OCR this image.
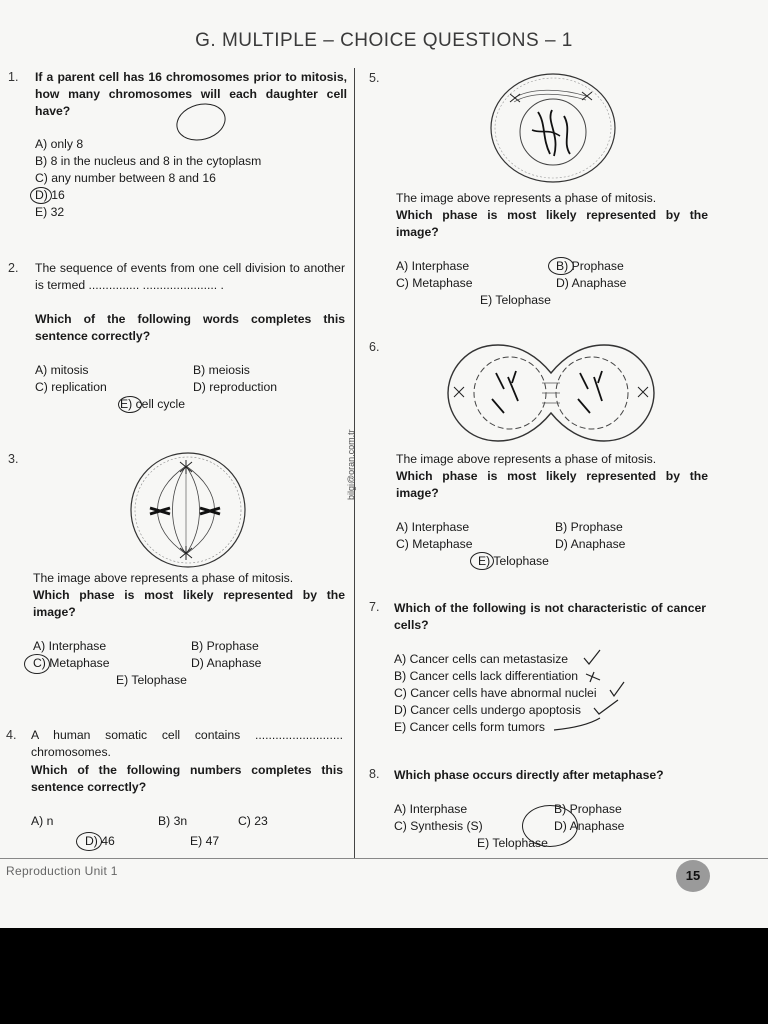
G. MULTIPLE – CHOICE QUESTIONS – 1
1. If a parent cell has 16 chromosomes prior to mitosis, how many chromosomes will each daughter cell have?
A) only 8
B) 8 in the nucleus and 8 in the cytoplasm
C) any number between 8 and 16
D) 16
E) 32
2. The sequence of events from one cell division to another is termed ............... ...................... .
Which of the following words completes this sentence correctly?
A) mitosis	B) meiosis
C) replication	D) reproduction
E) cell cycle
3.
The image above represents a phase of mitosis.
Which phase is most likely represented by the image?
A) Interphase	B) Prophase
C) Metaphase	D) Anaphase
E) Telophase
4. A human somatic cell contains .......................... chromosomes.
Which of the following numbers completes this sentence correctly?
A) n	B) 3n	C) 23
D) 46	E) 47
bilgi@oran.com.tr
5.
The image above represents a phase of mitosis.
Which phase is most likely represented by the image?
A) Interphase	B) Prophase
C) Metaphase	D) Anaphase
E) Telophase
6.
The image above represents a phase of mitosis.
Which phase is most likely represented by the image?
A) Interphase	B) Prophase
C) Metaphase	D) Anaphase
E) Telophase
7. Which of the following is not characteristic of cancer cells?
A) Cancer cells can metastasize
B) Cancer cells lack differentiation
C) Cancer cells have abnormal nuclei
D) Cancer cells undergo apoptosis
E) Cancer cells form tumors
8. Which phase occurs directly after metaphase?
A) Interphase	B) Prophase
C) Synthesis (S)	D) Anaphase
E) Telophase
Reproduction Unit 1	15
